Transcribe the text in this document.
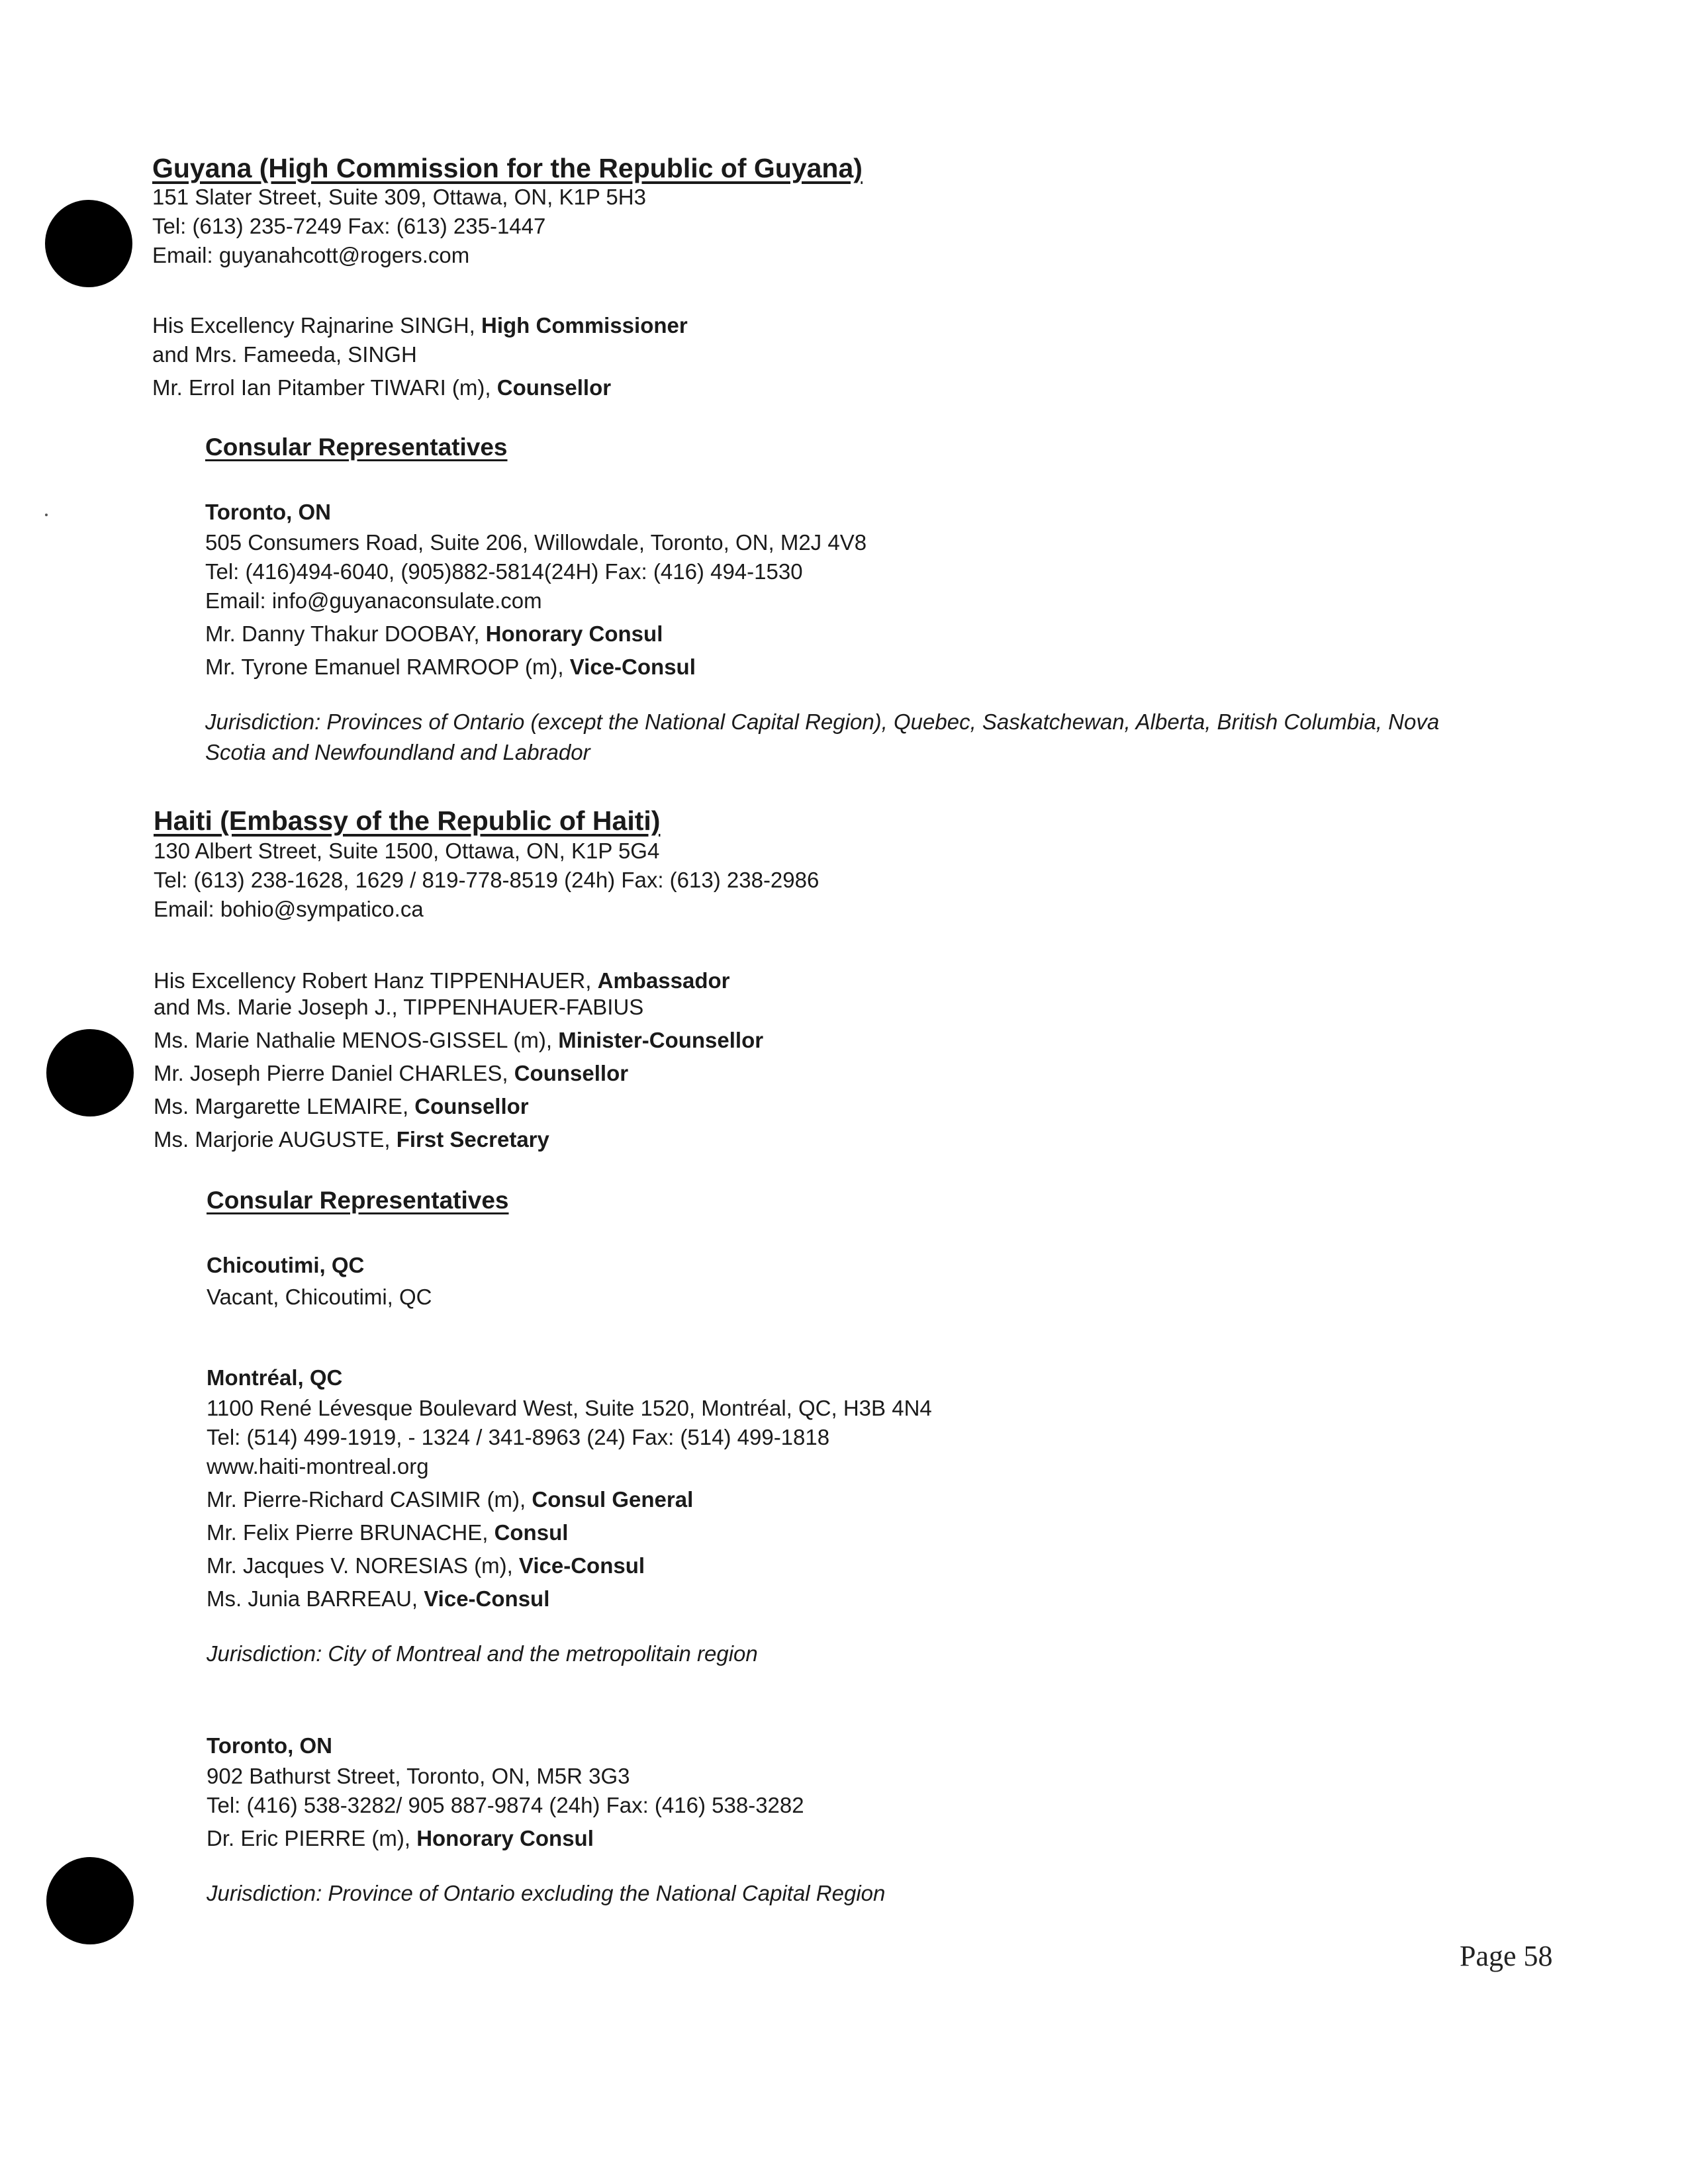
Guyana (High Commission for the Republic of Guyana)
151 Slater Street, Suite 309, Ottawa, ON, K1P 5H3
Tel: (613) 235-7249 Fax: (613) 235-1447
Email: guyanahcott@rogers.com
His Excellency Rajnarine SINGH, High Commissioner
and Mrs. Fameeda, SINGH
Mr. Errol Ian Pitamber TIWARI (m), Counsellor
Consular Representatives
Toronto, ON
505 Consumers Road, Suite 206, Willowdale, Toronto, ON, M2J 4V8
Tel: (416)494-6040, (905)882-5814(24H) Fax: (416) 494-1530
Email: info@guyanaconsulate.com
Mr. Danny Thakur DOOBAY, Honorary Consul
Mr. Tyrone Emanuel RAMROOP (m), Vice-Consul
Jurisdiction: Provinces of Ontario (except the National Capital Region), Quebec, Saskatchewan, Alberta, British Columbia, Nova Scotia and Newfoundland and Labrador
Haiti (Embassy of the Republic of Haiti)
130 Albert Street, Suite 1500, Ottawa, ON, K1P 5G4
Tel: (613) 238-1628, 1629 / 819-778-8519 (24h) Fax: (613) 238-2986
Email: bohio@sympatico.ca
His Excellency Robert Hanz TIPPENHAUER, Ambassador
and Ms. Marie Joseph J., TIPPENHAUER-FABIUS
Ms. Marie Nathalie MENOS-GISSEL (m), Minister-Counsellor
Mr. Joseph Pierre Daniel CHARLES, Counsellor
Ms. Margarette LEMAIRE, Counsellor
Ms. Marjorie AUGUSTE, First Secretary
Consular Representatives
Chicoutimi, QC
Vacant, Chicoutimi, QC
Montréal, QC
1100 René Lévesque Boulevard West, Suite 1520, Montréal, QC, H3B 4N4
Tel: (514) 499-1919, - 1324 / 341-8963 (24) Fax: (514) 499-1818
www.haiti-montreal.org
Mr. Pierre-Richard CASIMIR (m), Consul General
Mr. Felix Pierre BRUNACHE, Consul
Mr. Jacques V. NORESIAS (m), Vice-Consul
Ms. Junia BARREAU, Vice-Consul
Jurisdiction: City of Montreal and the metropolitain region
Toronto, ON
902 Bathurst Street, Toronto, ON, M5R 3G3
Tel: (416) 538-3282/ 905 887-9874 (24h) Fax: (416) 538-3282
Dr. Eric PIERRE (m), Honorary Consul
Jurisdiction: Province of Ontario excluding the National Capital Region
Page 58
